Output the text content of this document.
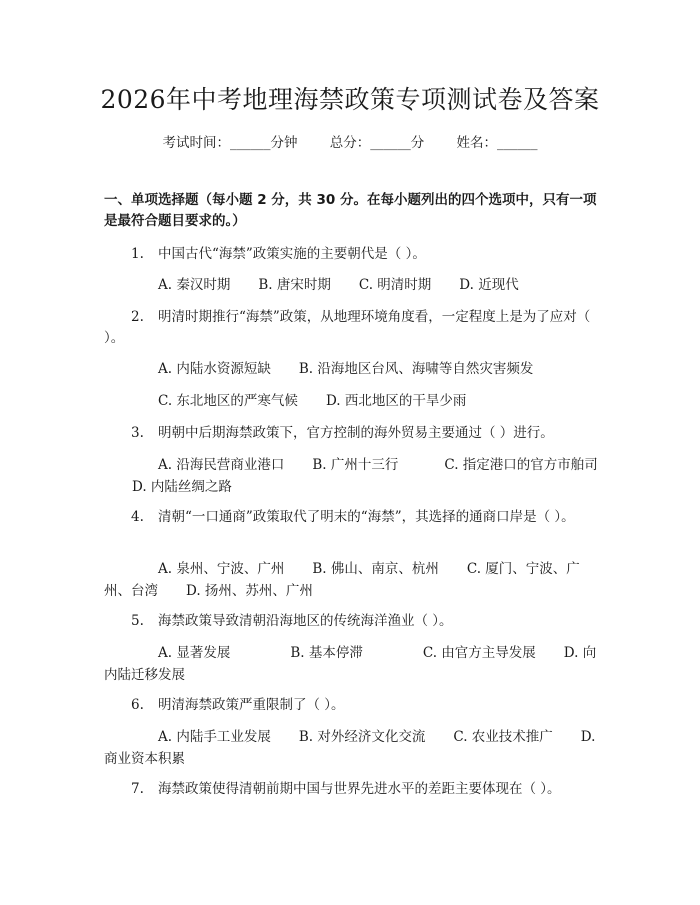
2026年中考地理海禁政策专项测试卷及答案
考试时间：______分钟 总分：______分 姓名：______
一、单项选择题（每小题 2 分，共 30 分。在每小题列出的四个选项中，只有一项是最符合题目要求的。）
1. 中国古代“海禁”政策实施的主要朝代是（ ）。
A. 秦汉时期 B. 唐宋时期 C. 明清时期 D. 近现代
2. 明清时期推行“海禁”政策，从地理环境角度看，一定程度上是为了应对（ ）。
A. 内陆水资源短缺 B. 沿海地区台风、海啸等自然灾害频发
C. 东北地区的严寒气候 D. 西北地区的干旱少雨
3. 明朝中后期海禁政策下，官方控制的海外贸易主要通过（ ）进行。
A. 沿海民营商业港口 B. 广州十三行	C. 指定港口的官方市舶司D. 内陆丝绸之路
4. 清朝“一口通商”政策取代了明末的“海禁”，其选择的通商口岸是（ ）。
A. 泉州、宁波、广州 B. 佛山、南京、杭州 C. 厦门、宁波、广州、台湾 D. 扬州、苏州、广州
5. 海禁政策导致清朝沿海地区的传统海洋渔业（ ）。
A. 显著发展	B. 基本停滞	C. 由官方主导发展 D. 向内陆迁移发展
6. 明清海禁政策严重限制了（ ）。
A. 内陆手工业发展 B. 对外经济文化交流 C. 农业技术推广 D. 商业资本积累
7. 海禁政策使得清朝前期中国与世界先进水平的差距主要体现在（ ）。
